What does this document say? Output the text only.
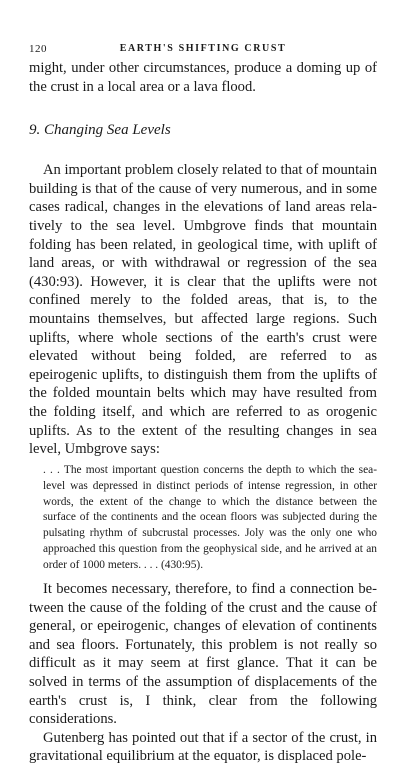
120	EARTH'S SHIFTING CRUST

might, under other circumstances, produce a doming up of the crust in a local area or a lava flood.

9. Changing Sea Levels

An important problem closely related to that of mountain building is that of the cause of very numerous, and in some cases radical, changes in the elevations of land areas relatively to the sea level. Umbgrove finds that mountain folding has been related, in geological time, with uplift of land areas, or with withdrawal or regression of the sea (430:93). However, it is clear that the uplifts were not confined merely to the folded areas, that is, to the mountains themselves, but affected large regions. Such uplifts, where whole sections of the earth's crust were elevated without being folded, are referred to as epeirogenic uplifts, to distinguish them from the uplifts of the folded mountain belts which may have resulted from the folding itself, and which are referred to as orogenic uplifts. As to the extent of the resulting changes in sea level, Umbgrove says:

. . . The most important question concerns the depth to which the sea-level was depressed in distinct periods of intense regression, in other words, the extent of the change to which the distance between the surface of the continents and the ocean floors was subjected during the pulsating rhythm of subcrustal processes. Joly was the only one who approached this question from the geophysical side, and he arrived at an order of 1000 meters. . . . (430:95).

It becomes necessary, therefore, to find a connection between the cause of the folding of the crust and the cause of general, or epeirogenic, changes of elevation of continents and sea floors. Fortunately, this problem is not really so difficult as it may seem at first glance. That it can be solved in terms of the assumption of displacements of the earth's crust is, I think, clear from the following considerations.

Gutenberg has pointed out that if a sector of the crust, in gravitational equilibrium at the equator, is displaced pole-
